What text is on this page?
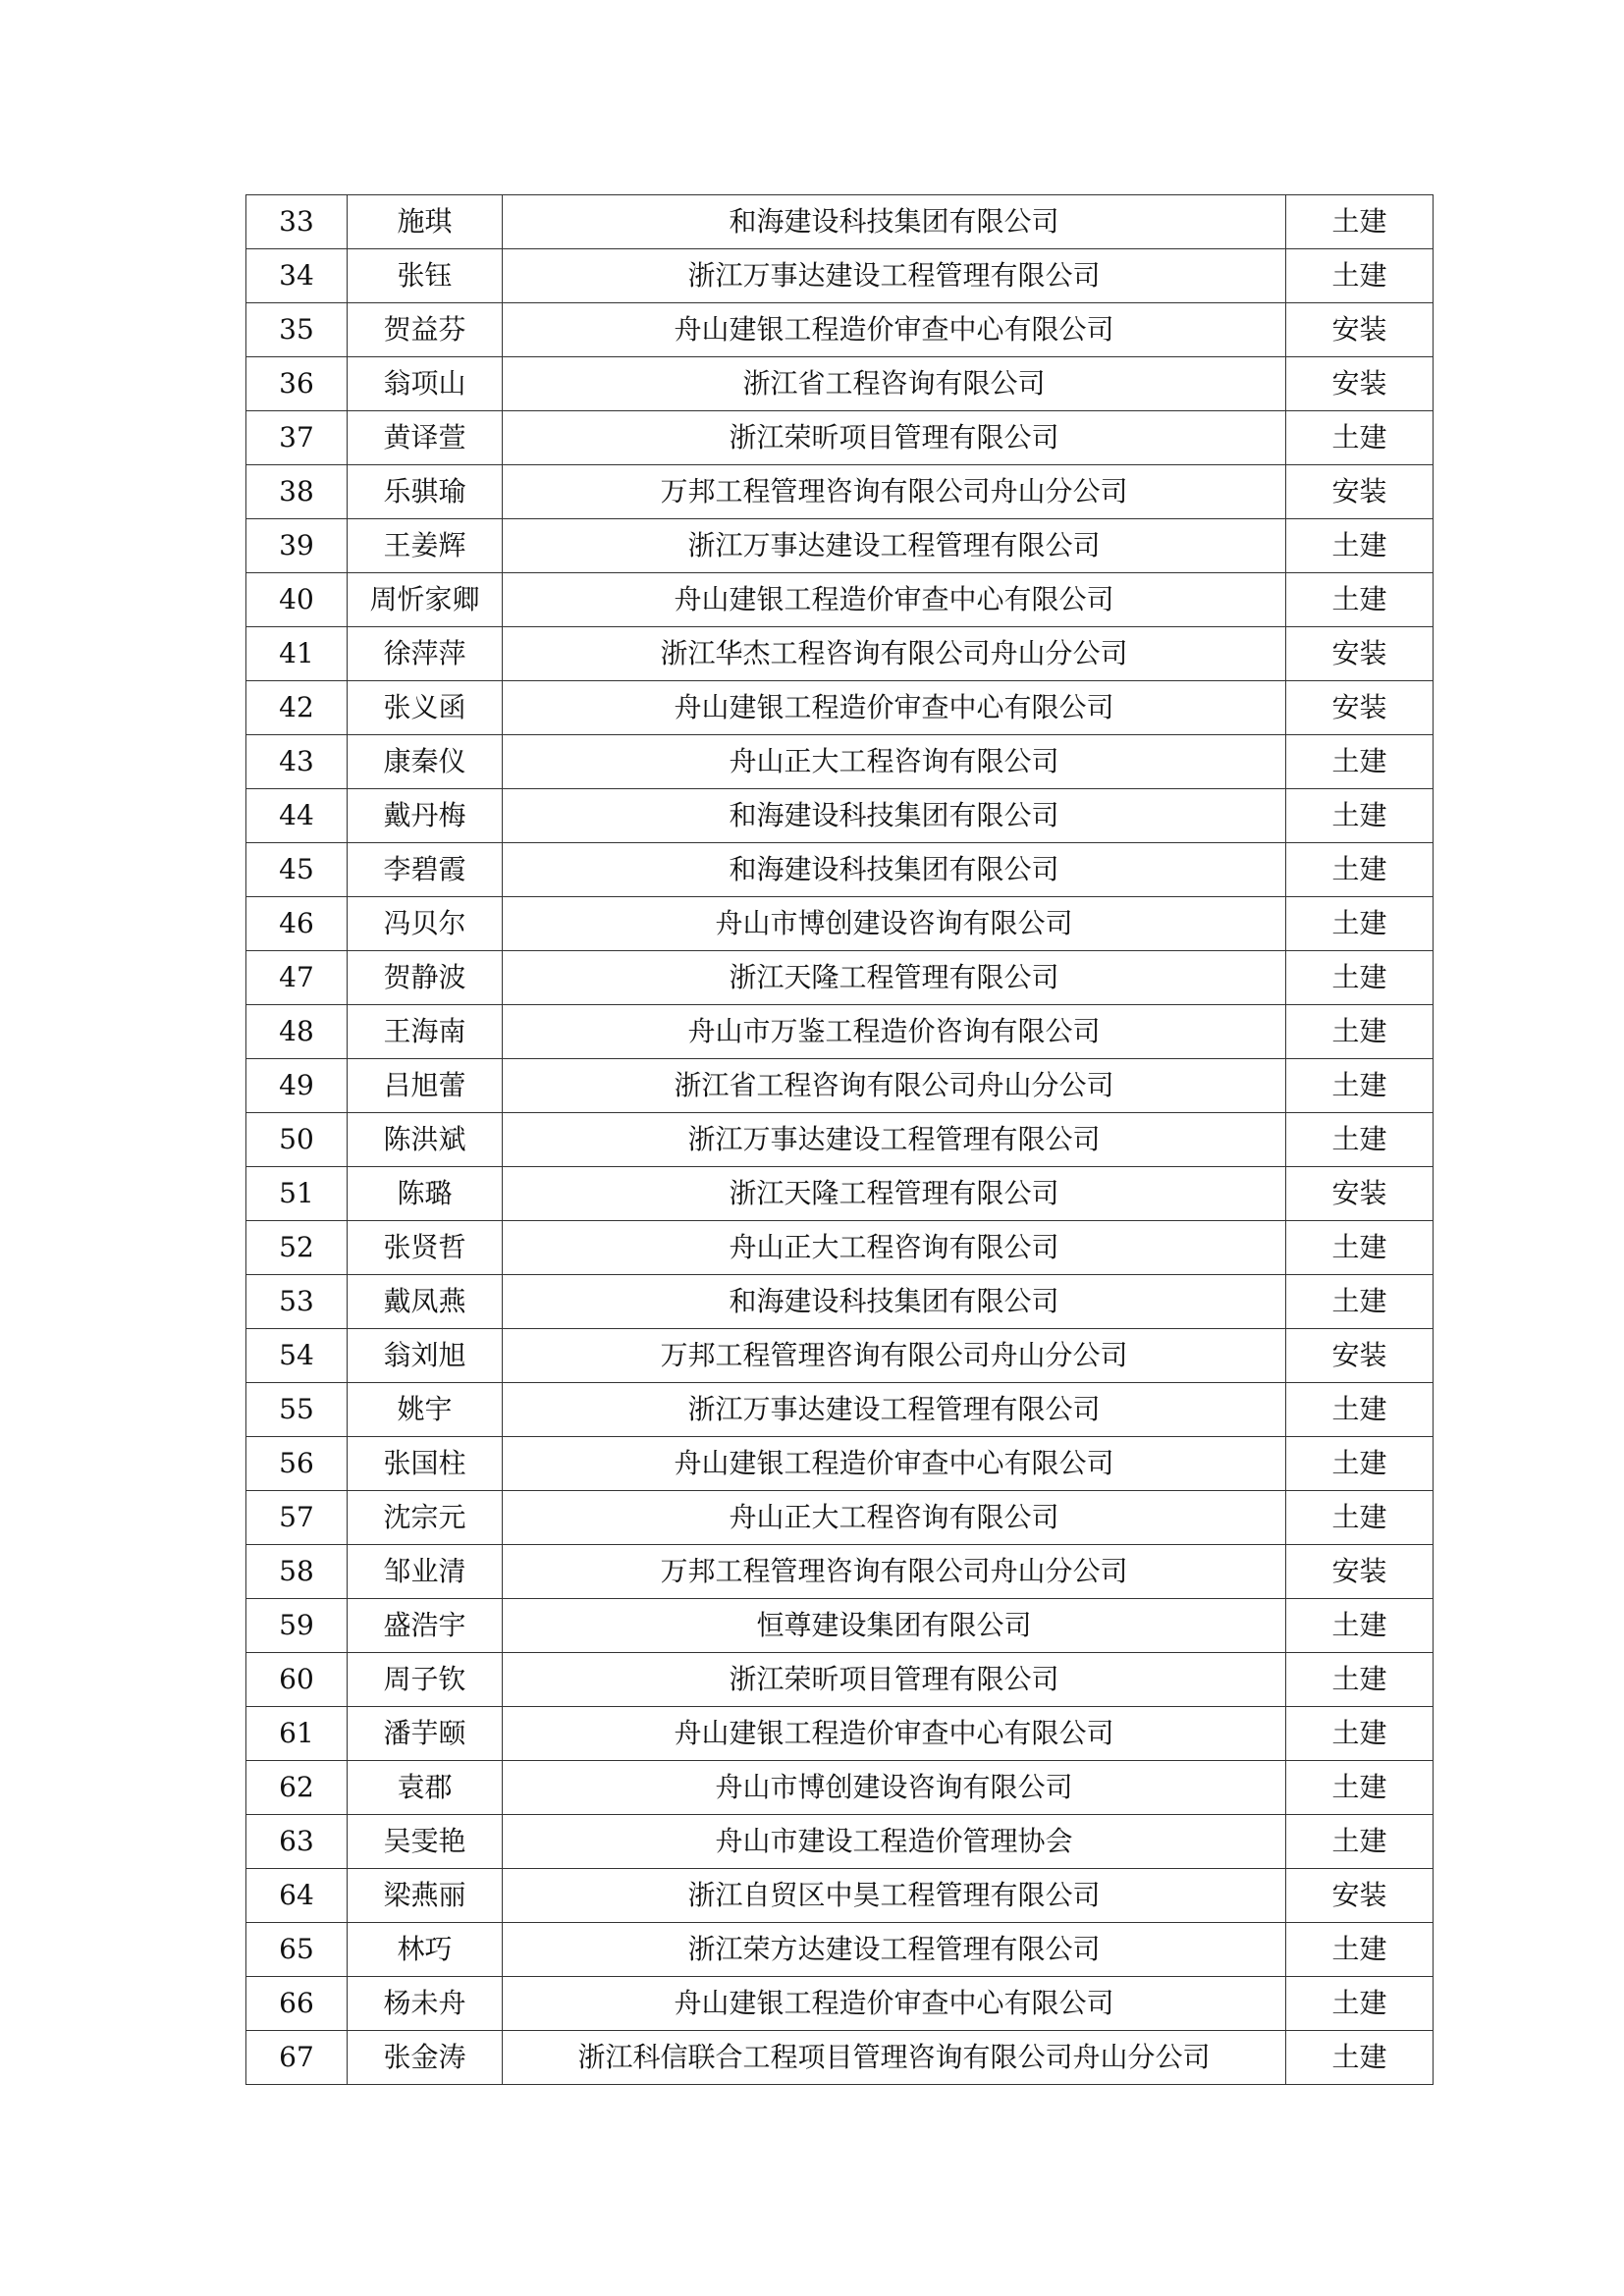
33	施琪	和海建设科技集团有限公司	土建
34	张钰	浙江万事达建设工程管理有限公司	土建
35	贺益芬	舟山建银工程造价审查中心有限公司	安装
36	翁项山	浙江省工程咨询有限公司	安装
37	黄译萱	浙江荣昕项目管理有限公司	土建
38	乐骐瑜	万邦工程管理咨询有限公司舟山分公司	安装
39	王姜辉	浙江万事达建设工程管理有限公司	土建
40	周忻家卿	舟山建银工程造价审查中心有限公司	土建
41	徐萍萍	浙江华杰工程咨询有限公司舟山分公司	安装
42	张义函	舟山建银工程造价审查中心有限公司	安装
43	康秦仪	舟山正大工程咨询有限公司	土建
44	戴丹梅	和海建设科技集团有限公司	土建
45	李碧霞	和海建设科技集团有限公司	土建
46	冯贝尔	舟山市博创建设咨询有限公司	土建
47	贺静波	浙江天隆工程管理有限公司	土建
48	王海南	舟山市万鉴工程造价咨询有限公司	土建
49	吕旭蕾	浙江省工程咨询有限公司舟山分公司	土建
50	陈洪斌	浙江万事达建设工程管理有限公司	土建
51	陈璐	浙江天隆工程管理有限公司	安装
52	张贤哲	舟山正大工程咨询有限公司	土建
53	戴凤燕	和海建设科技集团有限公司	土建
54	翁刘旭	万邦工程管理咨询有限公司舟山分公司	安装
55	姚宇	浙江万事达建设工程管理有限公司	土建
56	张国柱	舟山建银工程造价审查中心有限公司	土建
57	沈宗元	舟山正大工程咨询有限公司	土建
58	邹业清	万邦工程管理咨询有限公司舟山分公司	安装
59	盛浩宇	恒尊建设集团有限公司	土建
60	周子钦	浙江荣昕项目管理有限公司	土建
61	潘芋颐	舟山建银工程造价审查中心有限公司	土建
62	袁郡	舟山市博创建设咨询有限公司	土建
63	吴雯艳	舟山市建设工程造价管理协会	土建
64	梁燕丽	浙江自贸区中昊工程管理有限公司	安装
65	林巧	浙江荣方达建设工程管理有限公司	土建
66	杨未舟	舟山建银工程造价审查中心有限公司	土建
67	张金涛	浙江科信联合工程项目管理咨询有限公司舟山分公司	土建
